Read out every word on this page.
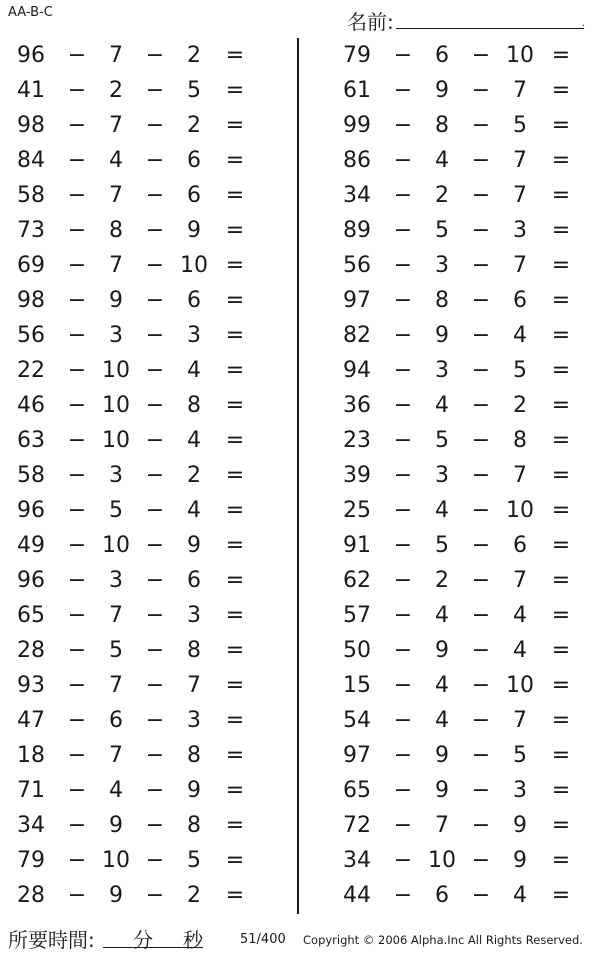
AA-B-C	名前:	.
96 −	7	−	2	=
41 −	2	−	5	=
98 −	7	−	2	=
84 −	4	−	6	=
58 −	7	−	6	=
73 −	8	−	9	=
69 −	7	− 10 =
98 −	9	−	6	=
56 −	3	−	3	=
22 − 10 −	4	=
46 − 10 −	8	=
63 − 10 −	4	=
58 −	3	−	2	=
96 −	5	−	4	=
49 − 10 −	9	=
96 −	3	−	6	=
65 −	7	−	3	=
28 −	5	−	8	=
93 −	7	−	7	=
47 −	6	−	3	=
18 −	7	−	8	=
71 −	4	−	9	=
34 −	9	−	8	=
79 − 10 −	5	=
28 −	9	−	2	=
79 −	6	− 10 =
61 −	9	−	7	=
99 −	8	−	5	=
86 −	4	−	7	=
34 −	2	−	7	=
89 −	5	−	3	=
56 −	3	−	7	=
97 −	8	−	6	=
82 −	9	−	4	=
94 −	3	−	5	=
36 −	4	−	2	=
23 −	5	−	8	=
39 −	3	−	7	=
25 −	4	− 10 =
91 −	5	−	6	=
62 −	2	−	7	=
57 −	4	−	4	=
50 −	9	−	4	=
15 −	4	− 10 =
54 −	4	−	7	=
97 −	9	−	5	=
65 −	9	−	3	=
72 −	7	−	9	=
34 − 10 −	9	=
44 −	6	−	4	=
所要時間: 分 秒	51/400 Copyright © 2006 Alpha.Inc All Rights Reserved.
